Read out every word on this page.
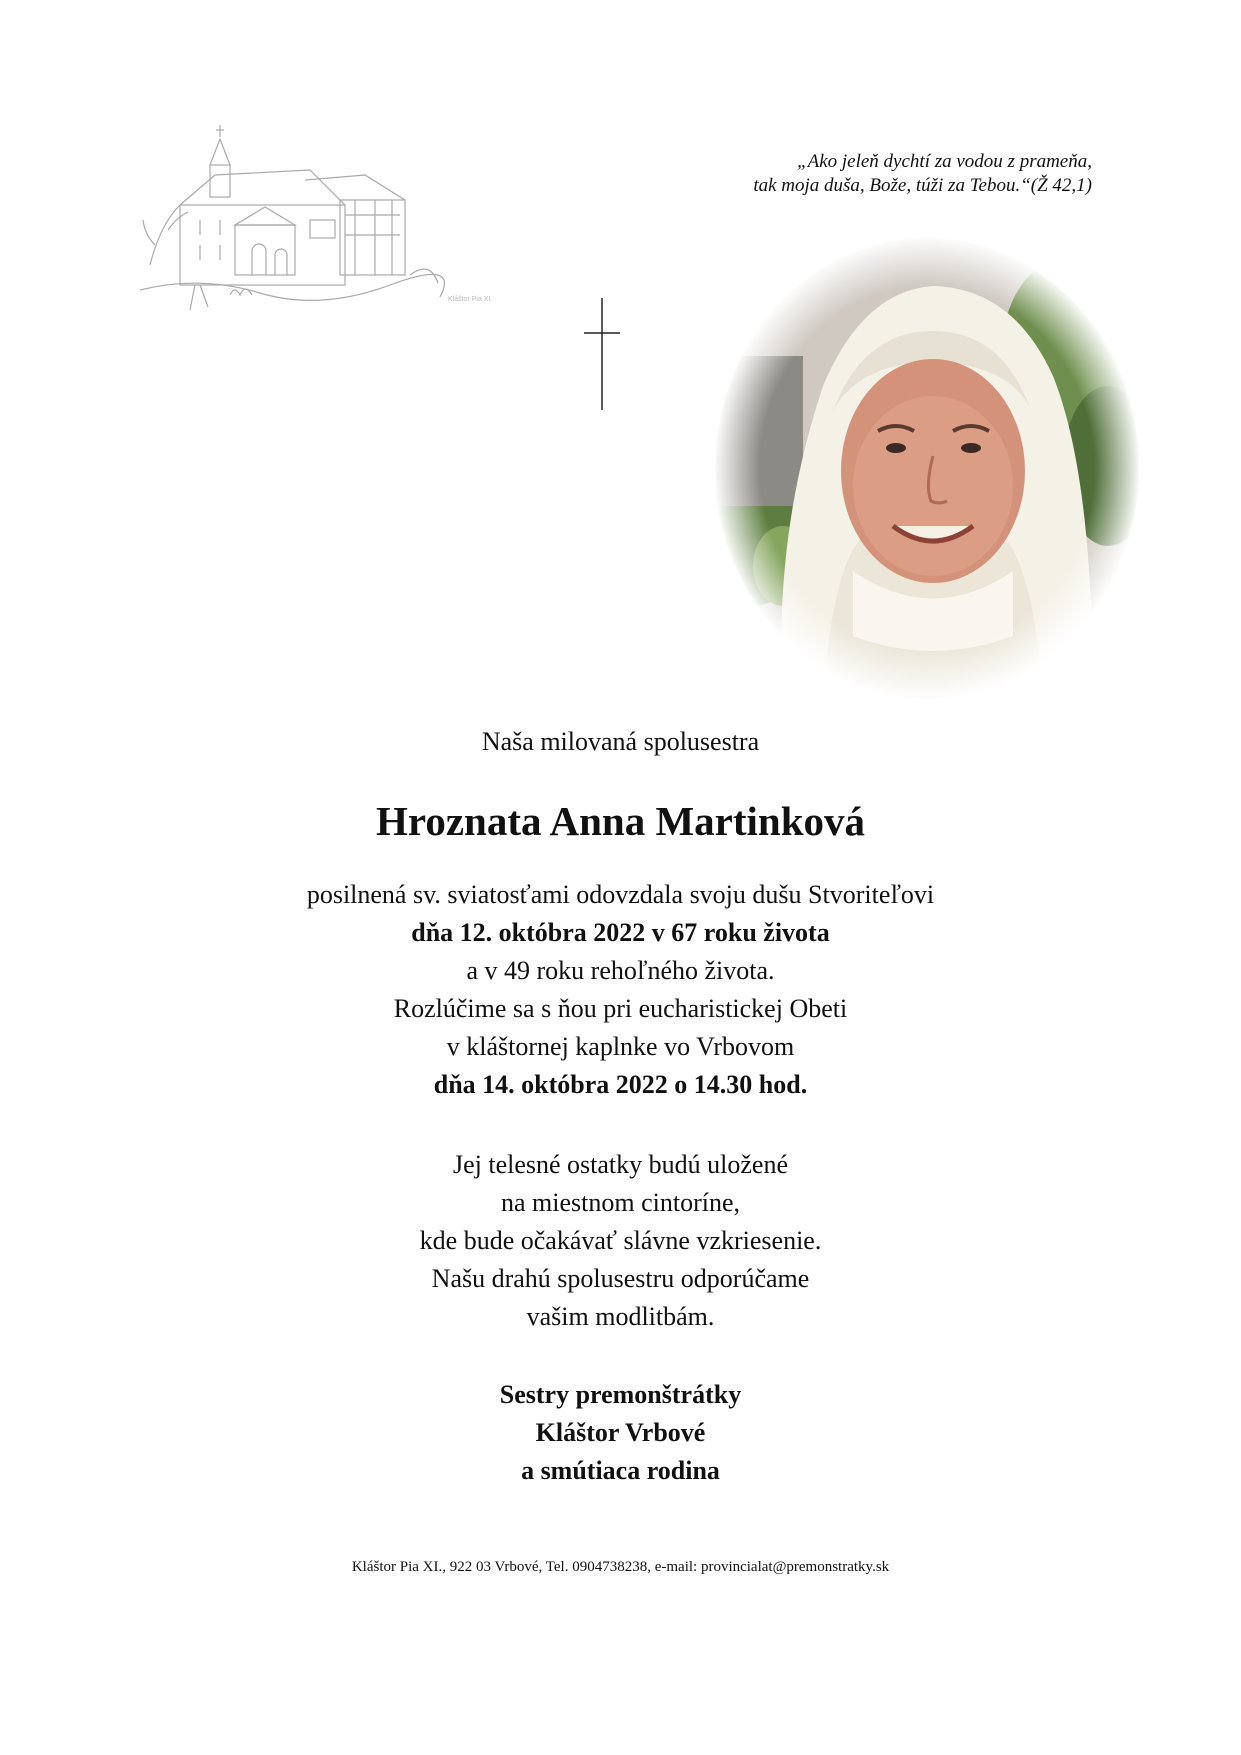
Kláštor Pia XI.
„Ako jeleň dychtí za vodou z prameňa,
tak moja duša, Bože, túži za Tebou.“(Ž 42,1)
Naša milovaná spolusestra
Hroznata Anna Martinková
posilnená sv. sviatosťami odovzdala svoju dušu Stvoriteľovi
dňa 12. októbra 2022 v 67 roku života
a v 49 roku rehoľného života.
Rozlúčime sa s ňou pri eucharistickej Obeti
v kláštornej kaplnke vo Vrbovom
dňa 14. októbra 2022 o 14.30 hod.
Jej telesné ostatky budú uložené
na miestnom cintoríne,
kde bude očakávať slávne vzkriesenie.
Našu drahú spolusestru odporúčame
vašim modlitbám.
Sestry premonštrátky
Kláštor Vrbové
a smútiaca rodina
Kláštor Pia XI., 922 03 Vrbové, Tel. 0904738238, e-mail: provincialat@premonstratky.sk
